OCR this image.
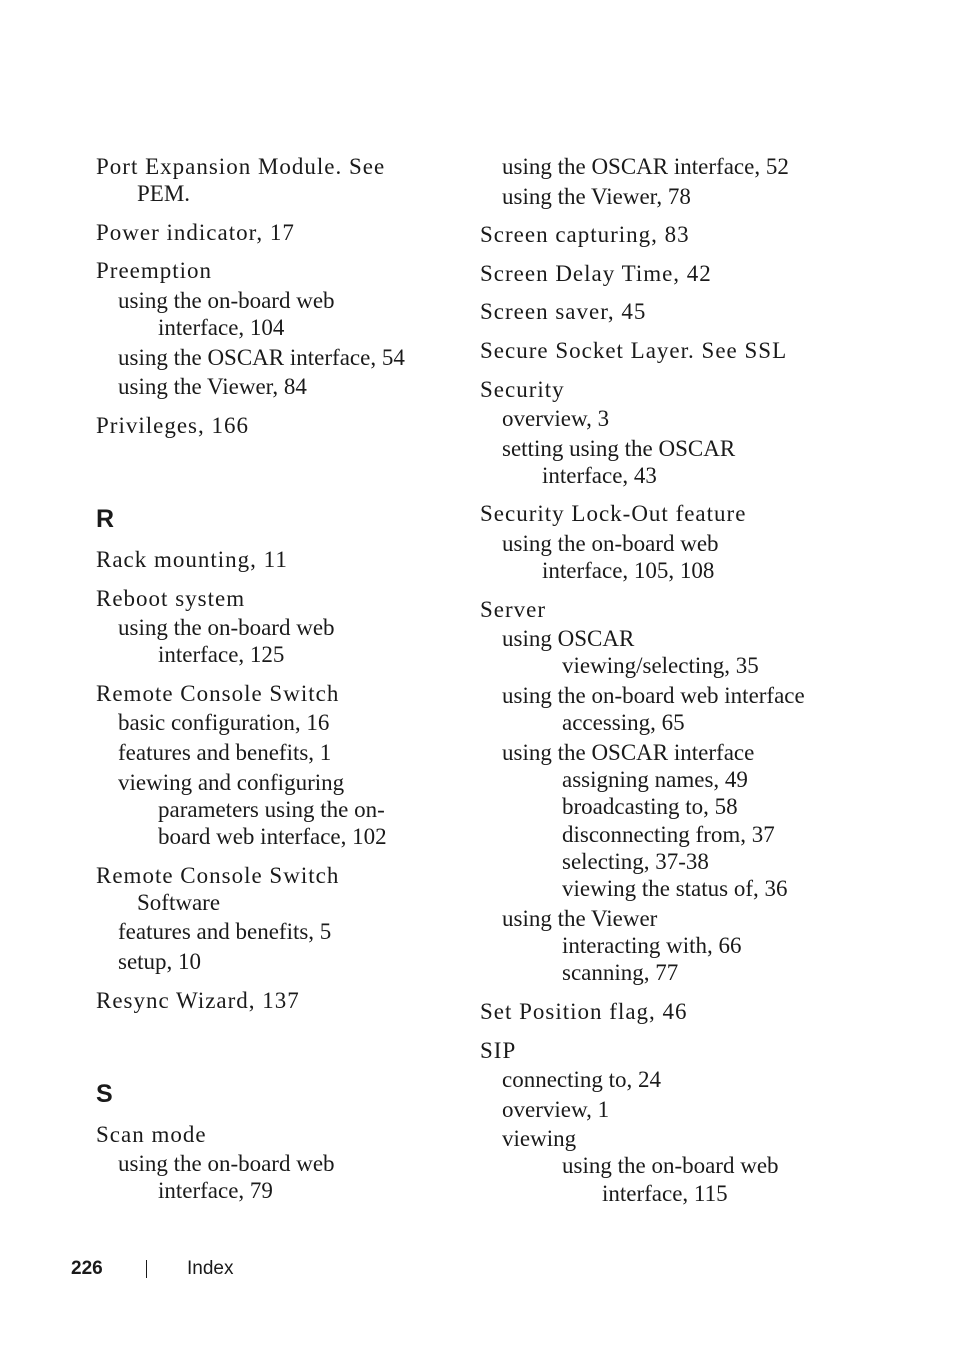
Port Expansion Module. See
PEM.
Power indicator, 17
Preemption
using the on-board web
interface, 104
using the OSCAR interface, 54
using the Viewer, 84
Privileges, 166
R
Rack mounting, 11
Reboot system
using the on-board web
interface, 125
Remote Console Switch
basic configuration, 16
features and benefits, 1
viewing and configuring
parameters using the on-
board web interface, 102
Remote Console Switch
Software
features and benefits, 5
setup, 10
Resync Wizard, 137
S
Scan mode
using the on-board web
interface, 79
using the OSCAR interface, 52
using the Viewer, 78
Screen capturing, 83
Screen Delay Time, 42
Screen saver, 45
Secure Socket Layer. See SSL
Security
overview, 3
setting using the OSCAR
interface, 43
Security Lock-Out feature
using the on-board web
interface, 105, 108
Server
using OSCAR
viewing/selecting, 35
using the on-board web interface
accessing, 65
using the OSCAR interface
assigning names, 49
broadcasting to, 58
disconnecting from, 37
selecting, 37-38
viewing the status of, 36
using the Viewer
interacting with, 66
scanning, 77
Set Position flag, 46
SIP
connecting to, 24
overview, 1
viewing
using the on-board web
interface, 115
226	Index
